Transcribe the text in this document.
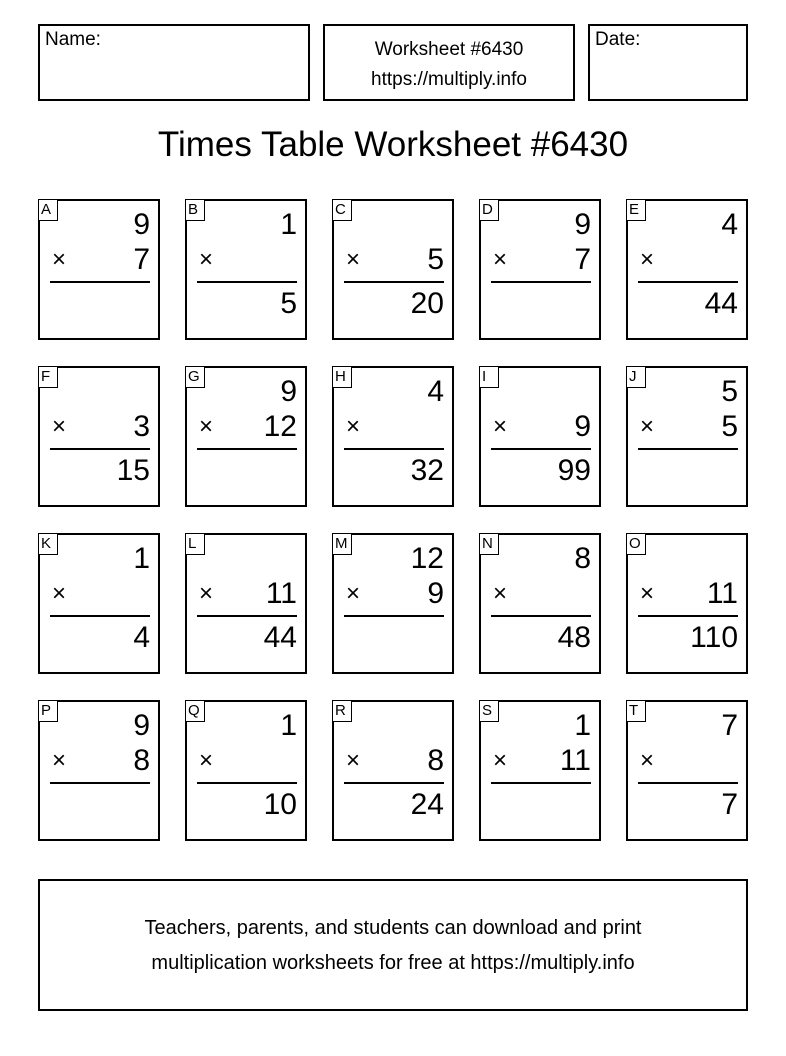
Name:	Worksheet #6430
https://multiply.info
Date:
Times Table Worksheet #6430
A	9
× 7
B	1
×
5
C
× 5
20
D	9
× 7
E	4
×
44
F
× 3
15
G	9
× 12
H	4
×
32
I
× 9
99
J	5
× 5
K	1
×
4
L
× 11
44
M 12
× 9
N	8
×
48
O
× 11
110
P	9
× 8
Q	1
×
10
R
× 8
24
S	1
× 11
T	7
×
7
Teachers, parents, and students can download and print
multiplication worksheets for free at https://multiply.info
